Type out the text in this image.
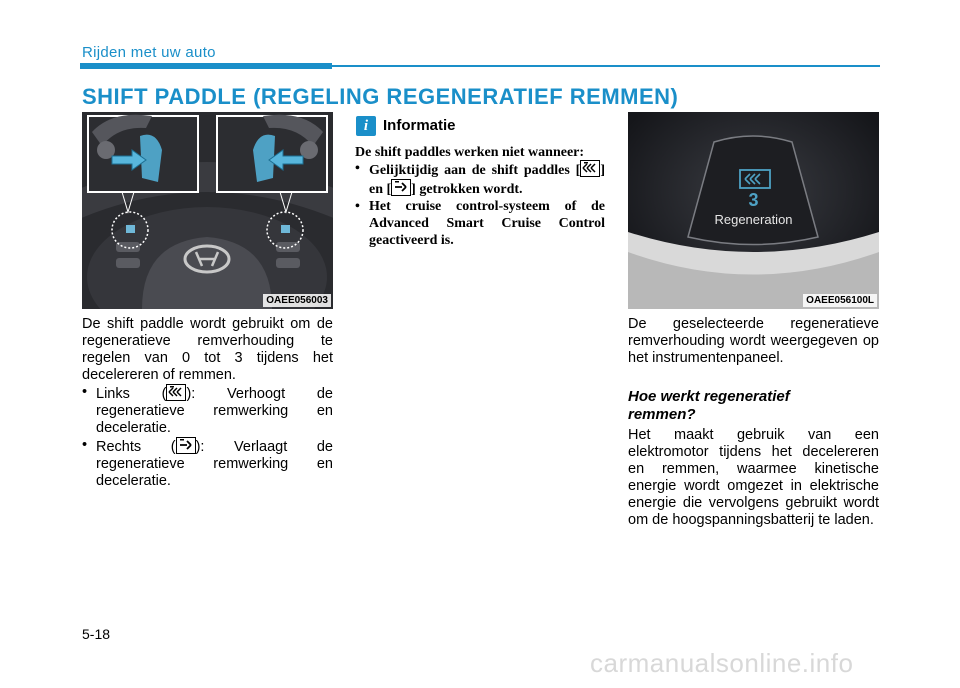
Rijden met uw auto
SHIFT PADDLE (REGELING REGENERATIEF REMMEN)
OAEE056003
De shift paddle wordt gebruikt om de regeneratieve remverhouding te regelen van 0 tot 3 tijdens het decelereren of remmen.
• Links ( ): Verhoogt de regeneratieve remwerking en deceleratie.
• Rechts ( ): Verlaagt de regeneratieve remwerking en deceleratie.
i Informatie
De shift paddles werken niet wanneer:
• Gelijktijdig aan de shift paddles [ ] en [ ] getrokken wordt.
• Het cruise control-systeem of de Advanced Smart Cruise Control geactiveerd is.
3
Regeneration
OAEE056100L
De geselecteerde regeneratieve remverhouding wordt weergegeven op het instrumentenpaneel.
Hoe werkt regeneratief remmen?
Het maakt gebruik van een elektromotor tijdens het decelereren en remmen, waarmee kinetische energie wordt omgezet in elektrische energie die vervolgens gebruikt wordt om de hoogspanningsbatterij te laden.
5-18
carmanualsonline.info
